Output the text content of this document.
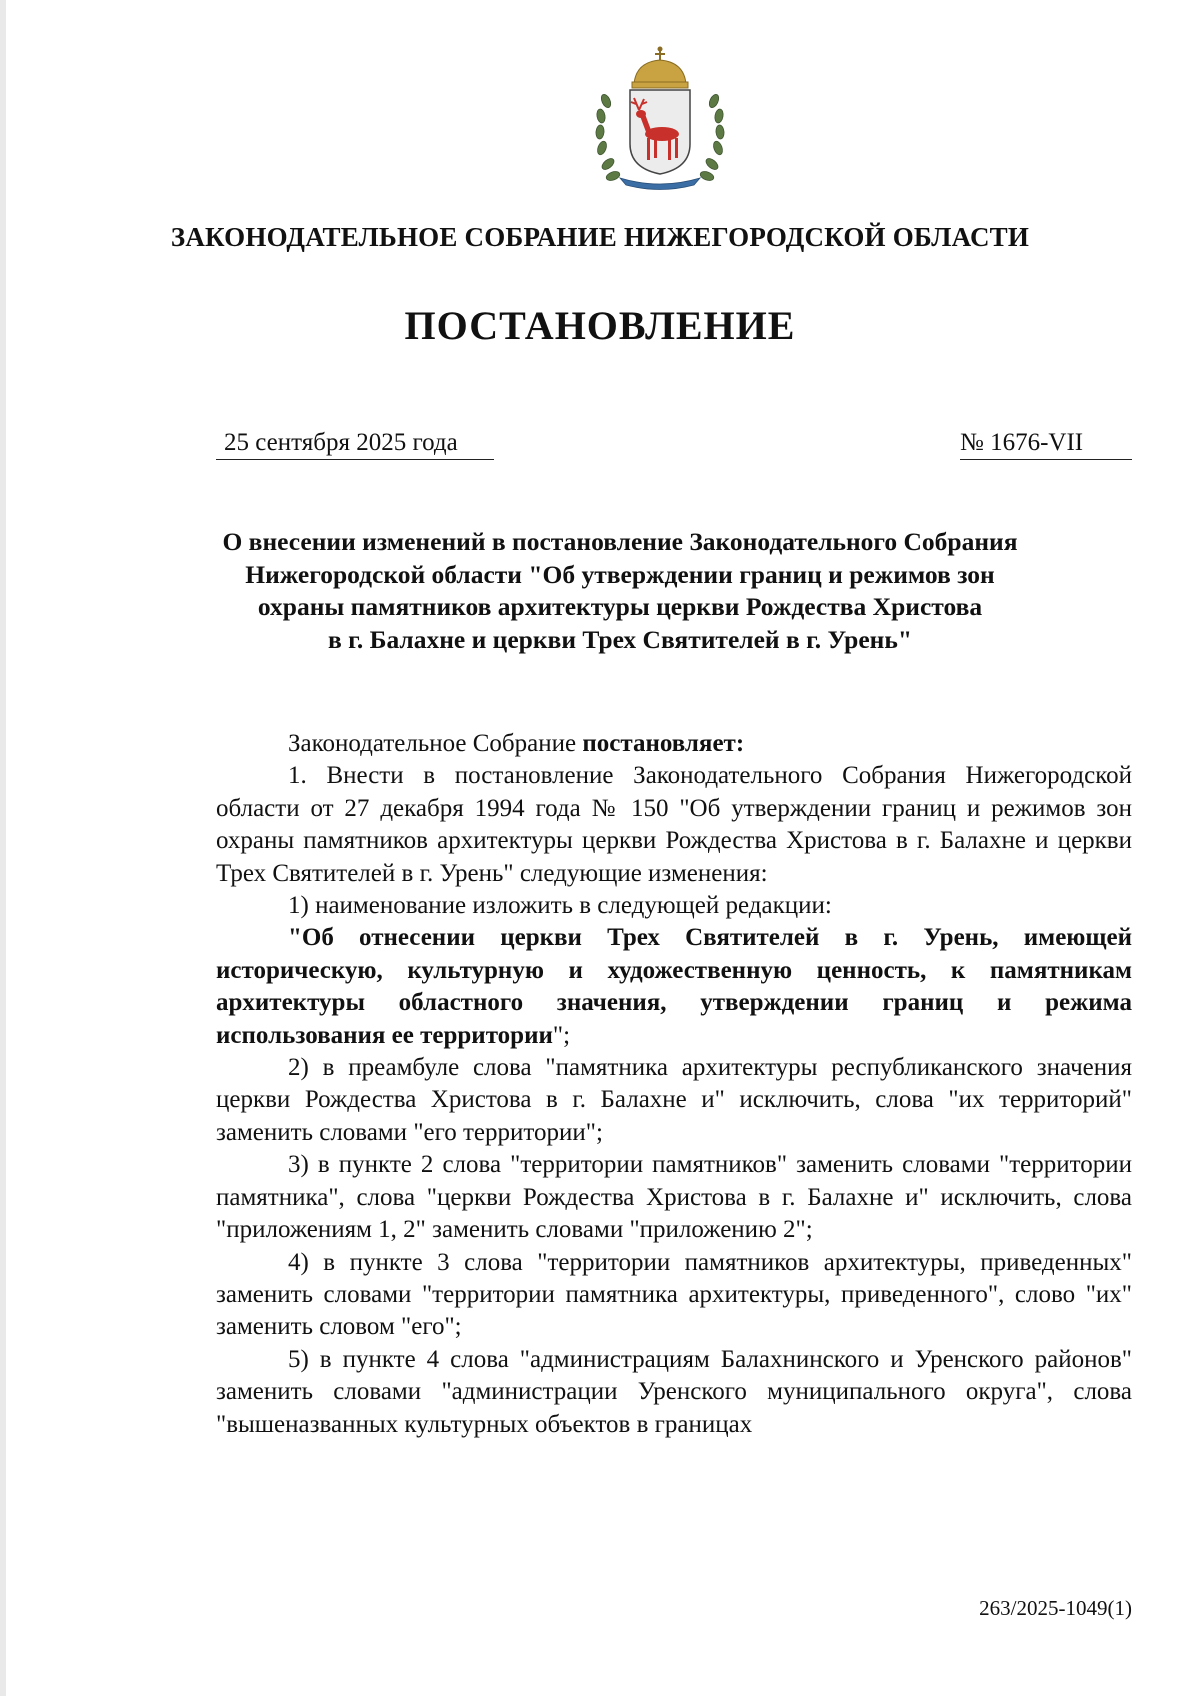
ЗАКОНОДАТЕЛЬНОЕ СОБРАНИЕ НИЖЕГОРОДСКОЙ ОБЛАСТИ
ПОСТАНОВЛЕНИЕ
25 сентября 2025 года	№ 1676-VII
О внесении изменений в постановление Законодательного Собрания
Нижегородской области "Об утверждении границ и режимов зон
охраны памятников архитектуры церкви Рождества Христова
в г. Балахне и церкви Трех Святителей в г. Урень"

Законодательное Собрание постановляет:

1. Внести в постановление Законодательного Собрания Нижегородской области от 27 декабря 1994 года № 150 "Об утверждении границ и режимов зон охраны памятников архитектуры церкви Рождества Христова в г. Балахне и церкви Трех Святителей в г. Урень" следующие изменения:

1) наименование изложить в следующей редакции:

"Об отнесении церкви Трех Святителей в г. Урень, имеющей историческую, культурную и художественную ценность, к памятникам архитектуры областного значения, утверждении границ и режима использования ее территории";

2) в преамбуле слова "памятника архитектуры республиканского значения церкви Рождества Христова в г. Балахне и" исключить, слова "их территорий" заменить словами "его территории";

3) в пункте 2 слова "территории памятников" заменить словами "территории памятника", слова "церкви Рождества Христова в г. Балахне и" исключить, слова "приложениям 1, 2" заменить словами "приложению 2";

4) в пункте 3 слова "территории памятников архитектуры, приведенных" заменить словами "территории памятника архитектуры, приведенного", слово "их" заменить словом "его";

5) в пункте 4 слова "администрациям Балахнинского и Уренского районов" заменить словами "администрации Уренского муниципального округа", слова "вышеназванных культурных объектов в границах

263/2025-1049(1)
